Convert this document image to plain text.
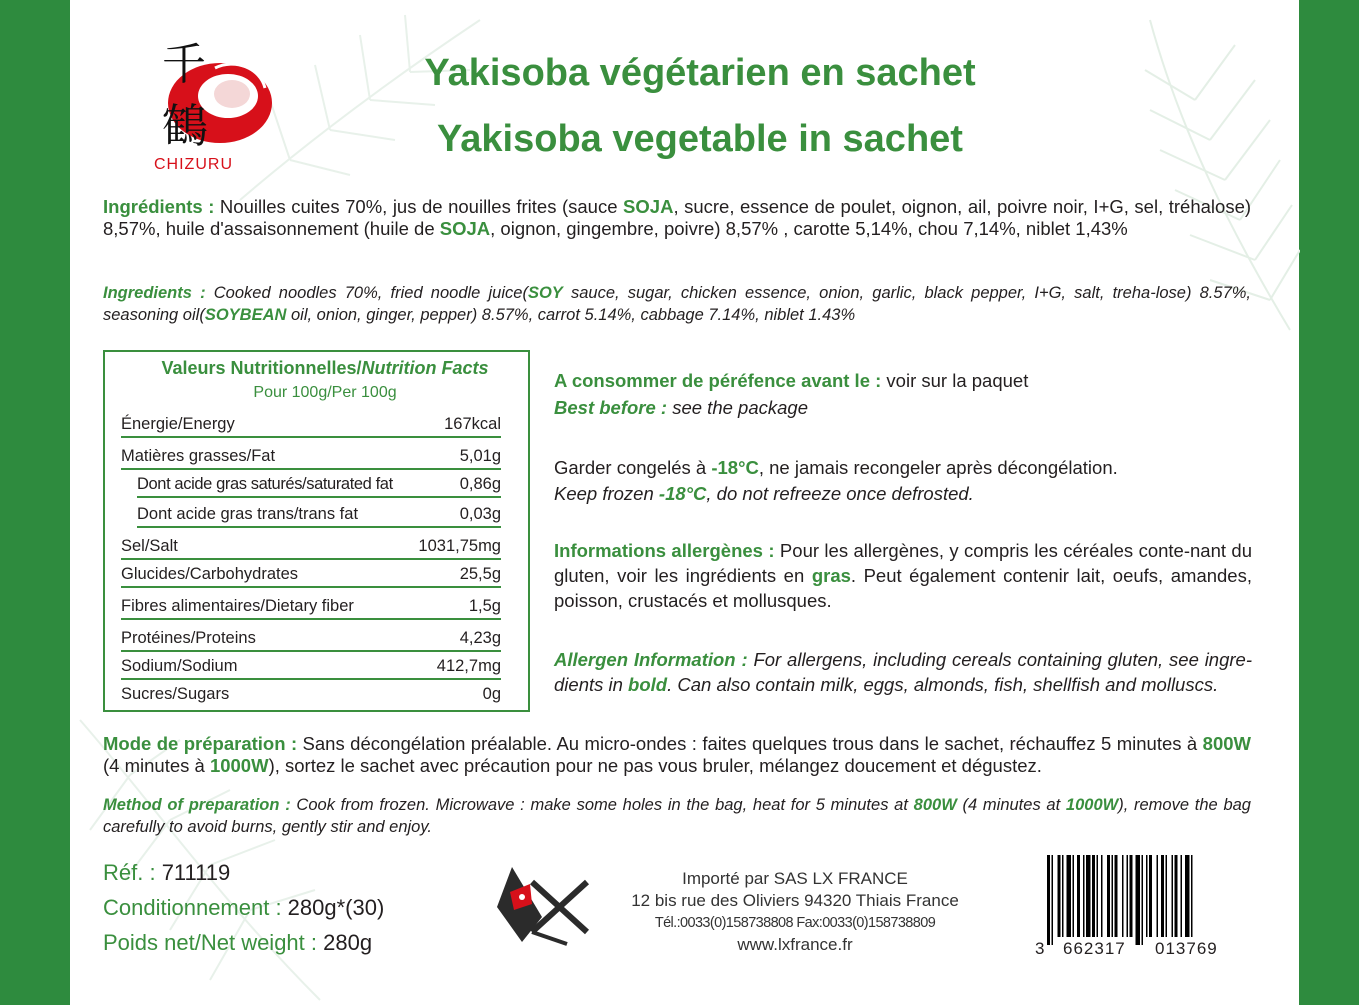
千
鶴
CHIZURU
Yakisoba végétarien en sachet
Yakisoba vegetable in sachet
Ingrédients : Nouilles cuites 70%, jus de nouilles frites (sauce SOJA, sucre, essence de poulet, oignon, ail, poivre noir, I+G, sel, tréhalose) 8,57%, huile d'assaisonnement (huile de SOJA, oignon, gingembre, poivre) 8,57% , carotte 5,14%, chou 7,14%, niblet 1,43%
Ingredients : Cooked noodles 70%, fried noodle juice(SOY sauce, sugar, chicken essence, onion, garlic, black pepper, I+G, salt, treha-lose) 8.57%, seasoning oil(SOYBEAN oil, onion, ginger, pepper) 8.57%, carrot 5.14%, cabbage 7.14%, niblet 1.43%
Valeurs Nutritionnelles/Nutrition Facts
Pour 100g/Per 100g
Énergie/Energy	167kcal
Matières grasses/Fat	5,01g
Dont acide gras saturés/saturated fat	0,86g
Dont acide gras trans/trans fat	0,03g
Sel/Salt	1031,75mg
Glucides/Carbohydrates	25,5g
Fibres alimentaires/Dietary fiber	1,5g
Protéines/Proteins	4,23g
Sodium/Sodium	412,7mg
Sucres/Sugars	0g
A consommer de péréfence avant le : voir sur la paquet
Best before : see the package
Garder congelés à -18°C, ne jamais recongeler après décongélation.
Keep frozen -18°C, do not refreeze once defrosted.
Informations allergènes : Pour les allergènes, y compris les céréales conte-nant du gluten, voir les ingrédients en gras. Peut également contenir lait, oeufs, amandes, poisson, crustacés et mollusques.
Allergen Information : For allergens, including cereals containing gluten, see ingre-dients in bold. Can also contain milk, eggs, almonds, fish, shellfish and molluscs.
Mode de préparation : Sans décongélation préalable. Au micro-ondes : faites quelques trous dans le sachet, réchauffez 5 minutes à 800W (4 minutes à 1000W), sortez le sachet avec précaution pour ne pas vous bruler, mélangez doucement et dégustez.
Method of preparation : Cook from frozen. Microwave : make some holes in the bag, heat for 5 minutes at 800W (4 minutes at 1000W), remove the bag carefully to avoid burns, gently stir and enjoy.
Réf. : 711119
Conditionnement : 280g*(30)
Poids net/Net weight : 280g
Importé par SAS LX FRANCE
12 bis rue des Oliviers 94320 Thiais France
Tél.:0033(0)158738808 Fax:0033(0)158738809
www.lxfrance.fr	3 662317 013769
